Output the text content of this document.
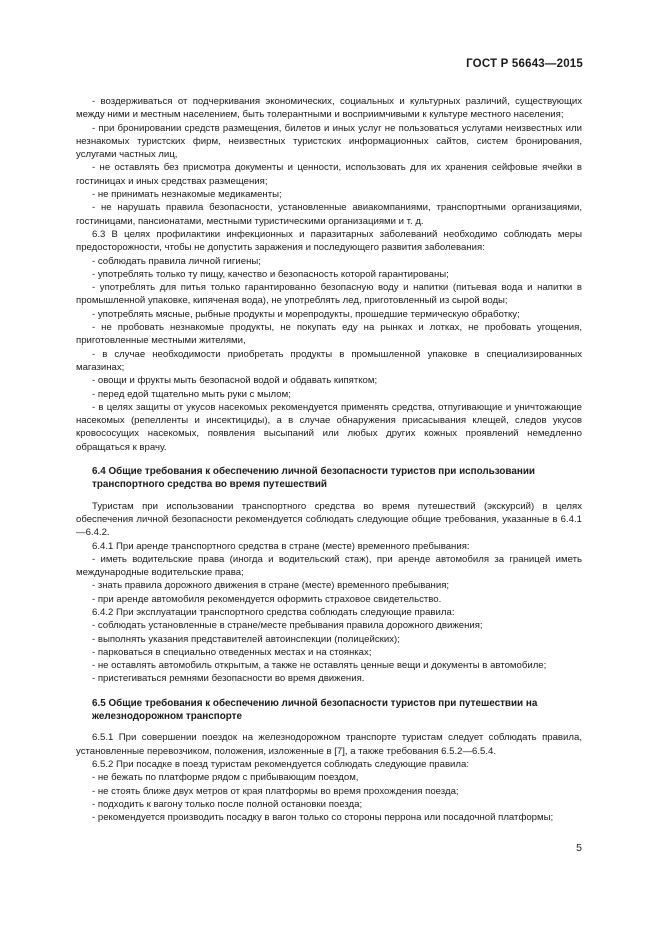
ГОСТ Р 56643—2015

- воздерживаться от подчеркивания экономических, социальных и культурных различий, существующих между ними и местным населением, быть толерантными и восприимчивыми к культуре местного населения;

- при бронировании средств размещения, билетов и иных услуг не пользоваться услугами неизвестных или незнакомых туристских фирм, неизвестных туристских информационных сайтов, систем бронирования, услугами частных лиц,

- не оставлять без присмотра документы и ценности, использовать для их хранения сейфовые ячейки в гостиницах и иных средствах размещения;

- не принимать незнакомые медикаменты;

- не нарушать правила безопасности, установленные авиакомпаниями, транспортными организациями, гостиницами, пансионатами, местными туристическими организациями и т. д.

6.3 В целях профилактики инфекционных и паразитарных заболеваний необходимо соблюдать меры предосторожности, чтобы не допустить заражения и последующего развития заболевания:

- соблюдать правила личной гигиены;

- употреблять только ту пищу, качество и безопасность которой гарантированы;

- употреблять для питья только гарантированно безопасную воду и напитки (питьевая вода и напитки в промышленной упаковке, кипяченая вода), не употреблять лед, приготовленный из сырой воды;

- употреблять мясные, рыбные продукты и морепродукты, прошедшие термическую обработку;

- не пробовать незнакомые продукты, не покупать еду на рынках и лотках, не пробовать угощения, приготовленные местными жителями,

- в случае необходимости приобретать продукты в промышленной упаковке в специализированных магазинах;

- овощи и фрукты мыть безопасной водой и обдавать кипятком;

- перед едой тщательно мыть руки с мылом;

- в целях защиты от укусов насекомых рекомендуется применять средства, отпугивающие и уничтожающие насекомых (репелленты и инсектициды), а в случае обнаружения присасывания клещей, следов укусов кровососущих насекомых, появления высыпаний или любых других кожных проявлений немедленно обращаться к врачу.

6.4 Общие требования к обеспечению личной безопасности туристов при использовании транспортного средства во время путешествий

Туристам при использовании транспортного средства во время путешествий (экскурсий) в целях обеспечения личной безопасности рекомендуется соблюдать следующие общие требования, указанные в 6.4.1—6.4.2.

6.4.1 При аренде транспортного средства в стране (месте) временного пребывания:

- иметь водительские права (иногда и водительский стаж), при аренде автомобиля за границей иметь международные водительские права;

- знать правила дорожного движения в стране (месте) временного пребывания;

- при аренде автомобиля рекомендуется оформить страховое свидетельство.

6.4.2 При эксплуатации транспортного средства соблюдать следующие правила:

- соблюдать установленные в стране/месте пребывания правила дорожного движения;

- выполнять указания представителей автоинспекции (полицейских);

- парковаться в специально отведенных местах и на стоянках;

- не оставлять автомобиль открытым, а также не оставлять ценные вещи и документы в автомобиле;

- пристегиваться ремнями безопасности во время движения.

6.5 Общие требования к обеспечению личной безопасности туристов при путешествии на железнодорожном транспорте

6.5.1 При совершении поездок на железнодорожном транспорте туристам следует соблюдать правила, установленные перевозчиком, положения, изложенные в [7], а также требования 6.5.2—6.5.4.

6.5.2 При посадке в поезд туристам рекомендуется соблюдать следующие правила:

- не бежать по платформе рядом с прибывающим поездом,

- не стоять ближе двух метров от края платформы во время прохождения поезда;

- подходить к вагону только после полной остановки поезда;

- рекомендуется производить посадку в вагон только со стороны перрона или посадочной платформы;

5
